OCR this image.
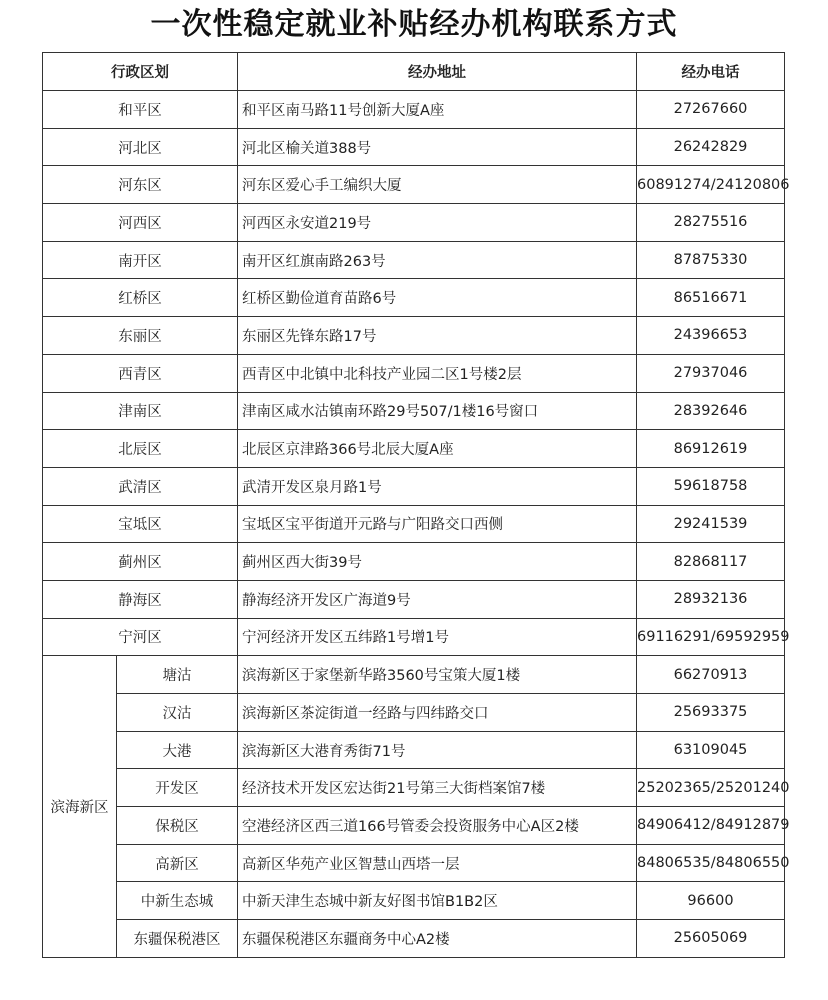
一次性稳定就业补贴经办机构联系方式
行政区划		经办地址	经办电话
和平区		和平区南马路11号创新大厦A座	27267660
河北区		河北区榆关道388号	26242829
河东区		河东区爱心手工编织大厦	60891274/24120806
河西区		河西区永安道219号	28275516
南开区		南开区红旗南路263号	87875330
红桥区		红桥区勤俭道育苗路6号	86516671
东丽区		东丽区先锋东路17号	24396653
西青区		西青区中北镇中北科技产业园二区1号楼2层	27937046
津南区		津南区咸水沽镇南环路29号507/1楼16号窗口	28392646
北辰区		北辰区京津路366号北辰大厦A座	86912619
武清区		武清开发区泉月路1号	59618758
宝坻区		宝坻区宝平街道开元路与广阳路交口西侧	29241539
蓟州区		蓟州区西大街39号	82868117
静海区		静海经济开发区广海道9号	28932136
宁河区		宁河经济开发区五纬路1号增1号	69116291/69592959
滨海新区	塘沽	滨海新区于家堡新华路3560号宝策大厦1楼	66270913
	汉沽	滨海新区茶淀街道一经路与四纬路交口	25693375
	大港	滨海新区大港育秀街71号	63109045
	开发区	经济技术开发区宏达街21号第三大街档案馆7楼	25202365/25201240
	保税区	空港经济区西三道166号管委会投资服务中心A区2楼	84906412/84912879
	高新区	高新区华苑产业区智慧山西塔一层	84806535/84806550
	中新生态城	中新天津生态城中新友好图书馆B1B2区	96600
	东疆保税港区	东疆保税港区东疆商务中心A2楼	25605069
